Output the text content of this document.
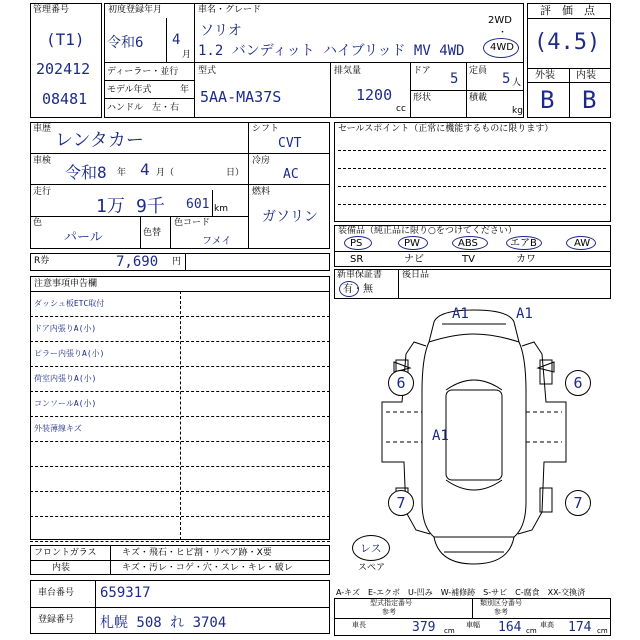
管理番号
(T1)
202412
08481
初度登録年月
令和6 4
月
車名・グレード
ソリオ
1.2 バンディット ハイブリッド MV 4WD
2WD
・
4WD
ディーラー・並行
モデル年式	年
ハンドル　左・右
型式
5AA-MA37S
排気量
1200
cc
ドア 5 定員 5 人
形状	積載
kg
評　価　点
(4.5)
外装 内装
B B
車歴
レンタカー
車検
令和8 年 4 月（	日）
走行
1万 9千 601 km
色
パール	色替
色コード
フメイ
シフト
CVT
冷房
AC
燃料
ガソリン
セールスポイント（正常に機能するものに限ります）
装備品（純正品に限り○をつけてください）
PS	PW	ABS	エアB	AW
SR	ナビ	TV	カワ
R券	7,690 円
新車保証書
有・無
後日品
注意事項申告欄
ダッシュ板ETC取付
ドア内張りA(小)
ピラー内張りA(小)
荷室内張りA(小)
コンソールA(小)
外装薄線キズ
A1	A1
6	6
A1
7	7
レス
スペア
フロントガラス	キズ・飛石・ヒビ割・リペア跡・X要
内装	キズ・汚レ・コゲ・穴・スレ・キレ・破レ
A-キズ　E-エクボ　U-凹み　W-補修跡　S-サビ　C-腐食　XX-交換済
車台番号 659317
登録番号 札幌 508 れ 3704
型式指定番号
参考
類別区分番号
参考
車長	379 cm
車幅 164 cm
車高 174 cm
